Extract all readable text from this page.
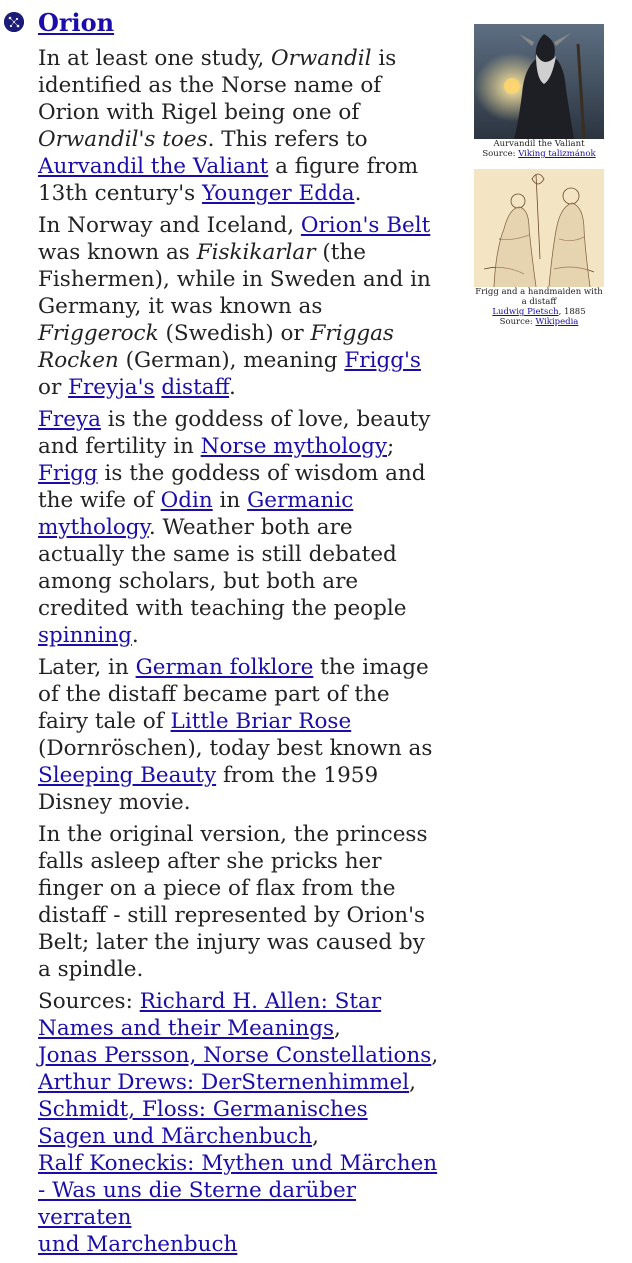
Orion

In at least one study, Orwandil is identified as the Norse name of Orion with Rigel being one of Orwandil's toes. This refers to Aurvandil the Valiant a figure from 13th century's Younger Edda.

In Norway and Iceland, Orion's Belt was known as Fiskikarlar (the Fishermen), while in Sweden and in Germany, it was known as Friggerock (Swedish) or Friggas Rocken (German), meaning Frigg's or Freyja's distaff.

Freya is the goddess of love, beauty and fertility in Norse mythology; Frigg is the goddess of wisdom and the wife of Odin in Germanic mythology. Weather both are actually the same is still debated among scholars, but both are credited with teaching the people spinning.

Later, in German folklore the image of the distaff became part of the fairy tale of Little Briar Rose (Dornröschen), today best known as Sleeping Beauty from the 1959 Disney movie.

In the original version, the princess falls asleep after she pricks her finger on a piece of flax from the distaff - still represented by Orion's Belt; later the injury was caused by a spindle.

Sources: Richard H. Allen: Star Names and their Meanings,
Jonas Persson, Norse Constellations,
Arthur Drews: DerSternenhimmel,
Schmidt, Floss: Germanisches Sagen und Märchenbuch,
Ralf Koneckis: Mythen und Märchen - Was uns die Sterne darüber verraten
und Marchenbuch

Aurvandil the Valiant
Source: Viking talizmánok
Frigg and a handmaiden with a distaff
Ludwig Pietsch, 1885
Source: Wikipedia
